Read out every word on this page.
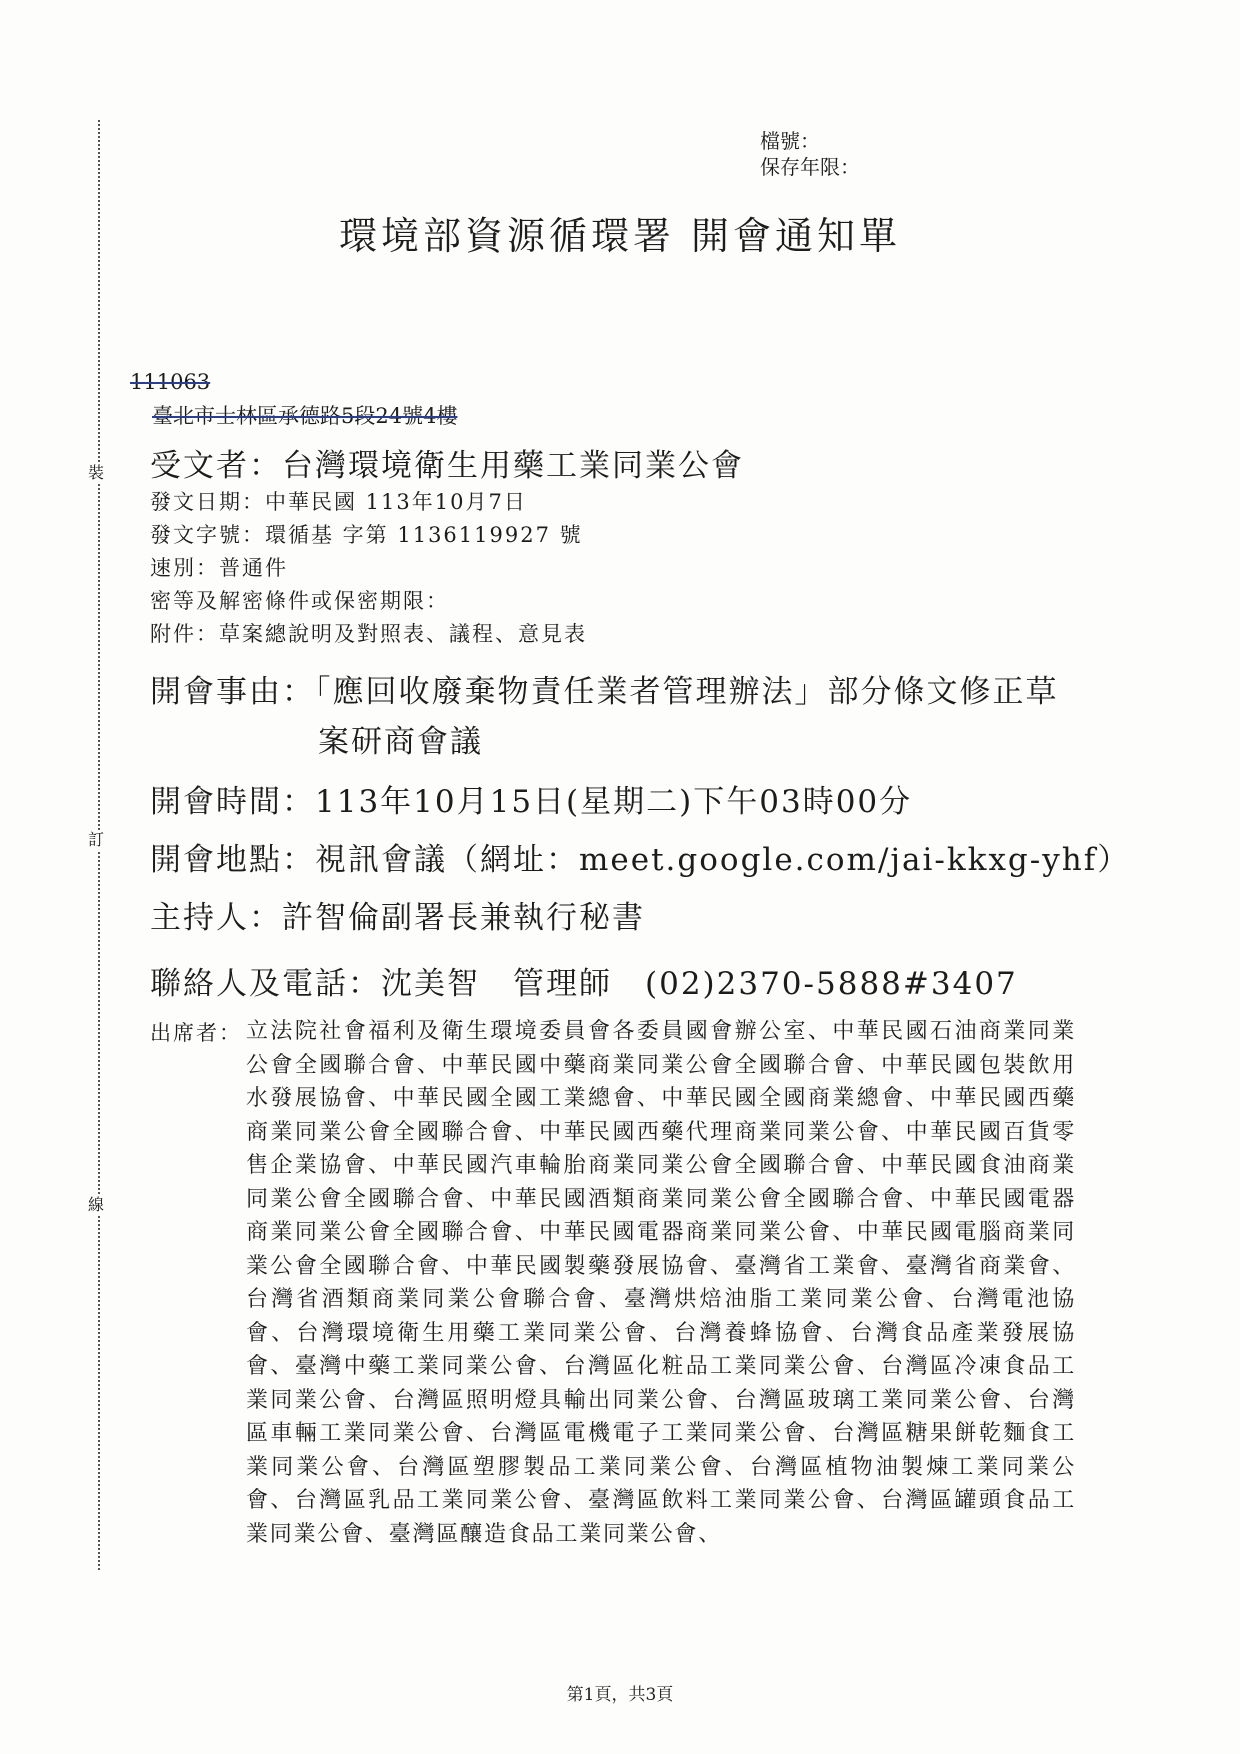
裝
訂
線
檔號：
保存年限：
環境部資源循環署 開會通知單
111063
臺北市士林區承德路5段24號4樓
受文者：台灣環境衛生用藥工業同業公會
發文日期：中華民國 113年10月7日
發文字號：環循基 字第 1136119927 號
速別：普通件
密等及解密條件或保密期限：
附件：草案總說明及對照表、議程、意見表
開會事由：「應回收廢棄物責任業者管理辦法」部分條文修正草
案研商會議
開會時間：113年10月15日(星期二)下午03時00分
開會地點：視訊會議（網址：meet.google.com/jai-kkxg-yhf）
主持人：許智倫副署長兼執行秘書
聯絡人及電話：沈美智　管理師　(02)2370-5888#3407
出席者： 立法院社會福利及衛生環境委員會各委員國會辦公室、中華民國石油商業同業公會全國聯合會、中華民國中藥商業同業公會全國聯合會、中華民國包裝飲用水發展協會、中華民國全國工業總會、中華民國全國商業總會、中華民國西藥商業同業公會全國聯合會、中華民國西藥代理商業同業公會、中華民國百貨零售企業協會、中華民國汽車輪胎商業同業公會全國聯合會、中華民國食油商業同業公會全國聯合會、中華民國酒類商業同業公會全國聯合會、中華民國電器商業同業公會全國聯合會、中華民國電器商業同業公會、中華民國電腦商業同業公會全國聯合會、中華民國製藥發展協會、臺灣省工業會、臺灣省商業會、台灣省酒類商業同業公會聯合會、臺灣烘焙油脂工業同業公會、台灣電池協會、台灣環境衛生用藥工業同業公會、台灣養蜂協會、台灣食品產業發展協會、臺灣中藥工業同業公會、台灣區化粧品工業同業公會、台灣區冷凍食品工業同業公會、台灣區照明燈具輸出同業公會、台灣區玻璃工業同業公會、台灣區車輛工業同業公會、台灣區電機電子工業同業公會、台灣區糖果餅乾麵食工業同業公會、台灣區塑膠製品工業同業公會、台灣區植物油製煉工業同業公會、台灣區乳品工業同業公會、臺灣區飲料工業同業公會、台灣區罐頭食品工業同業公會、臺灣區釀造食品工業同業公會、
第1頁，共3頁
